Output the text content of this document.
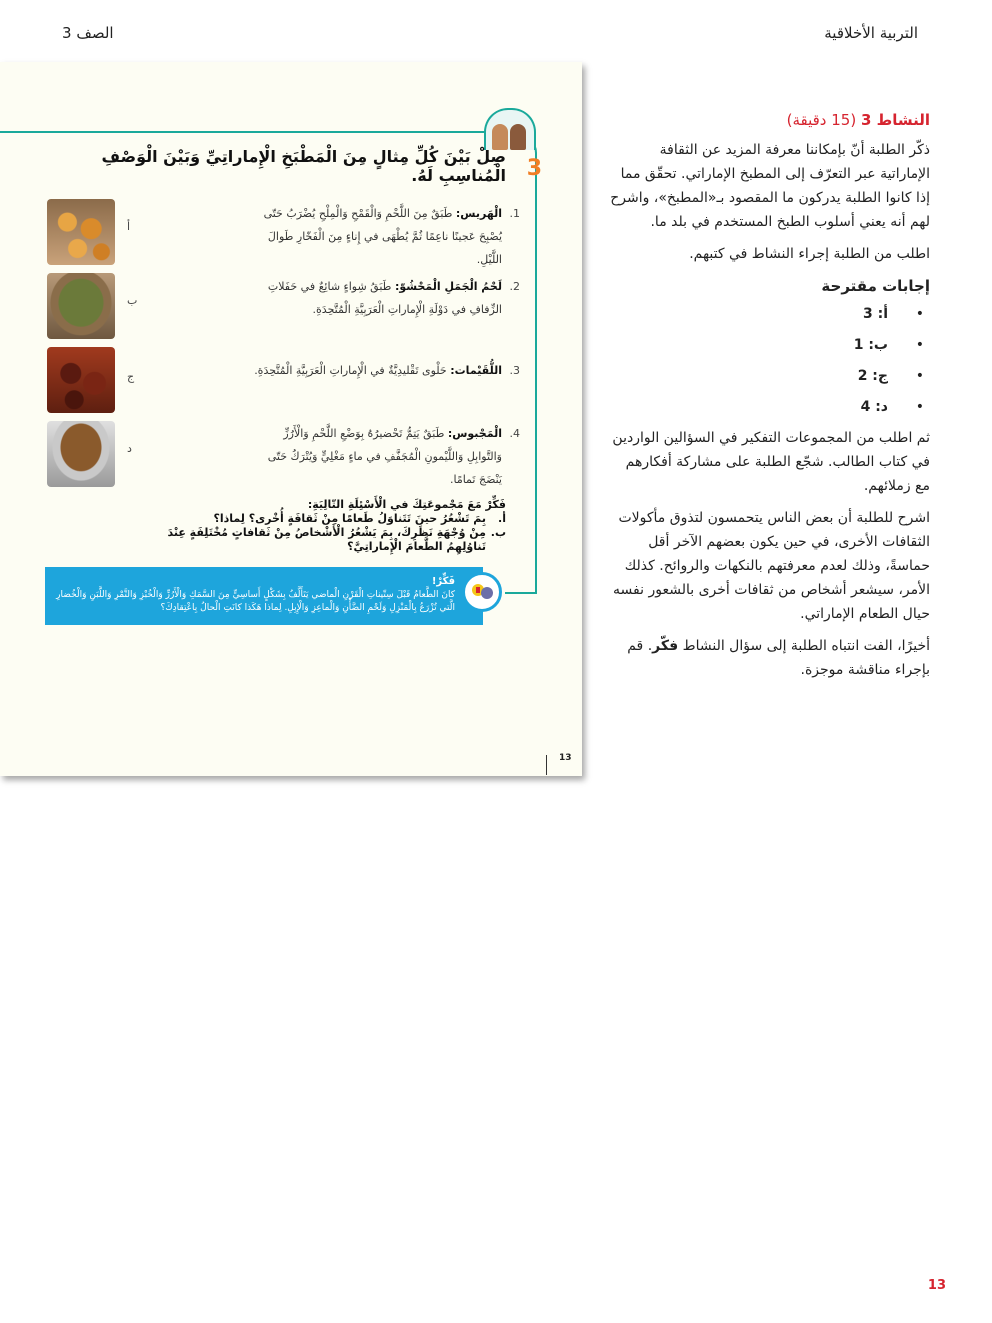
التربية الأخلاقية
الصف 3
3
صِلْ بَيْنَ كُلِّ مِثالٍ مِنَ الْمَطْبَخِ الْإِماراتِيِّ وَبَيْنَ الْوَصْفِ الْمُناسِبِ لَهُ.
1.
الْهَريس: طَبَقٌ مِنَ اللَّحْمِ وَالْقَمْحِ وَالْمِلْحِ يُضْرَبُ حَتّى يُصْبِحَ عَجينًا ناعِمًا ثُمَّ يُطْهَى في إِناءٍ مِنَ الْفَخّارِ طَوالَ اللَّيْلِ.
2.
لَحْمُ الْجَمَلِ الْمَحْشُوّ: طَبَقُ شِواءٍ شائِعٌ في حَفَلاتِ الزِّفافِ في دَوْلَةِ الْإِماراتِ الْعَرَبِيَّةِ الْمُتَّحِدَةِ.
3.
اللُّقَيْمات: حَلْوى تَقْليدِيَّةٌ في الْإِماراتِ الْعَرَبِيَّةِ الْمُتَّحِدَةِ.
4.
الْمَجْبوس: طَبَقٌ يَتِمُّ تَحْضيرُهُ بِوَضْعِ اللَّحْمِ وَالْأَرُزِّ وَالتَّوابِلِ وَاللَّيْمونِ الْمُجَفَّفِ في ماءٍ مَغْلِيٍّ وَيُتْرَكُ حَتّى يَنْضَجَ تَمامًا.
أ
ب
ج
د
فَكِّرْ مَعَ مَجْموعَتِكَ في الْأَسْئِلَةِ التّالِيَةِ:
أ.
بِمَ تَشْعُرُ حينَ تَتَناوَلُ طَعامًا مِنْ ثَقافَةٍ أُخْرى؟ لِماذا؟
ب.
مِنْ وُجْهَةِ نَظَرِكَ، بِمَ يَشْعُرُ الْأَشْخاصُ مِنْ ثَقافاتٍ مُخْتَلِفَةٍ عِنْدَ تَناوُلِهِمُ الطَّعامَ الْإِماراتِيَّ؟
فَكِّرْ!
كانَ الطَّعامُ قَبْلَ سِتّيناتِ الْقَرْنِ الْماضي يَتَأَلَّفُ بِشَكْلٍ أَساسِيٍّ مِنَ السَّمَكِ وَالْأَرُزِّ وَالْخُبْزِ وَالتَّمْرِ وَاللَّبَنِ وَالْخُضارِ الَّتي تُزْرَعُ بِالْمَنْزِلِ وَلَحْمِ الضَّأْنِ وَالْماعِزِ وَالْإِبِلِ. لِماذا هَكَذا كانَتِ الْحالُ بِاعْتِقادِكَ؟
13
النشاط 3 (15 دقيقة)

ذكّر الطلبة أنّ بإمكاننا معرفة المزيد عن الثقافة الإماراتية عبر التعرّف إلى المطبخ الإماراتي. تحقّق مما إذا كانوا الطلبة يدركون ما المقصود بـ«المطبخ»، واشرح لهم أنه يعني أسلوب الطبخ المستخدم في بلد ما.

اطلب من الطلبة إجراء النشاط في كتبهم.

إجابات مقترحة
• أ: 3
• ب: 1
• ج: 2
• د: 4

ثم اطلب من المجموعات التفكير في السؤالين الواردين في كتاب الطالب. شجّع الطلبة على مشاركة أفكارهم مع زملائهم.

اشرح للطلبة أن بعض الناس يتحمسون لتذوق مأكولات الثقافات الأخرى، في حين يكون بعضهم الآخر أقل حماسةً، وذلك لعدم معرفتهم بالنكهات والروائح. كذلك الأمر، سيشعر أشخاص من ثقافات أخرى بالشعور نفسه حيال الطعام الإماراتي.

أخيرًا، الفت انتباه الطلبة إلى سؤال النشاط فكّر. قم بإجراء مناقشة موجزة.

13
